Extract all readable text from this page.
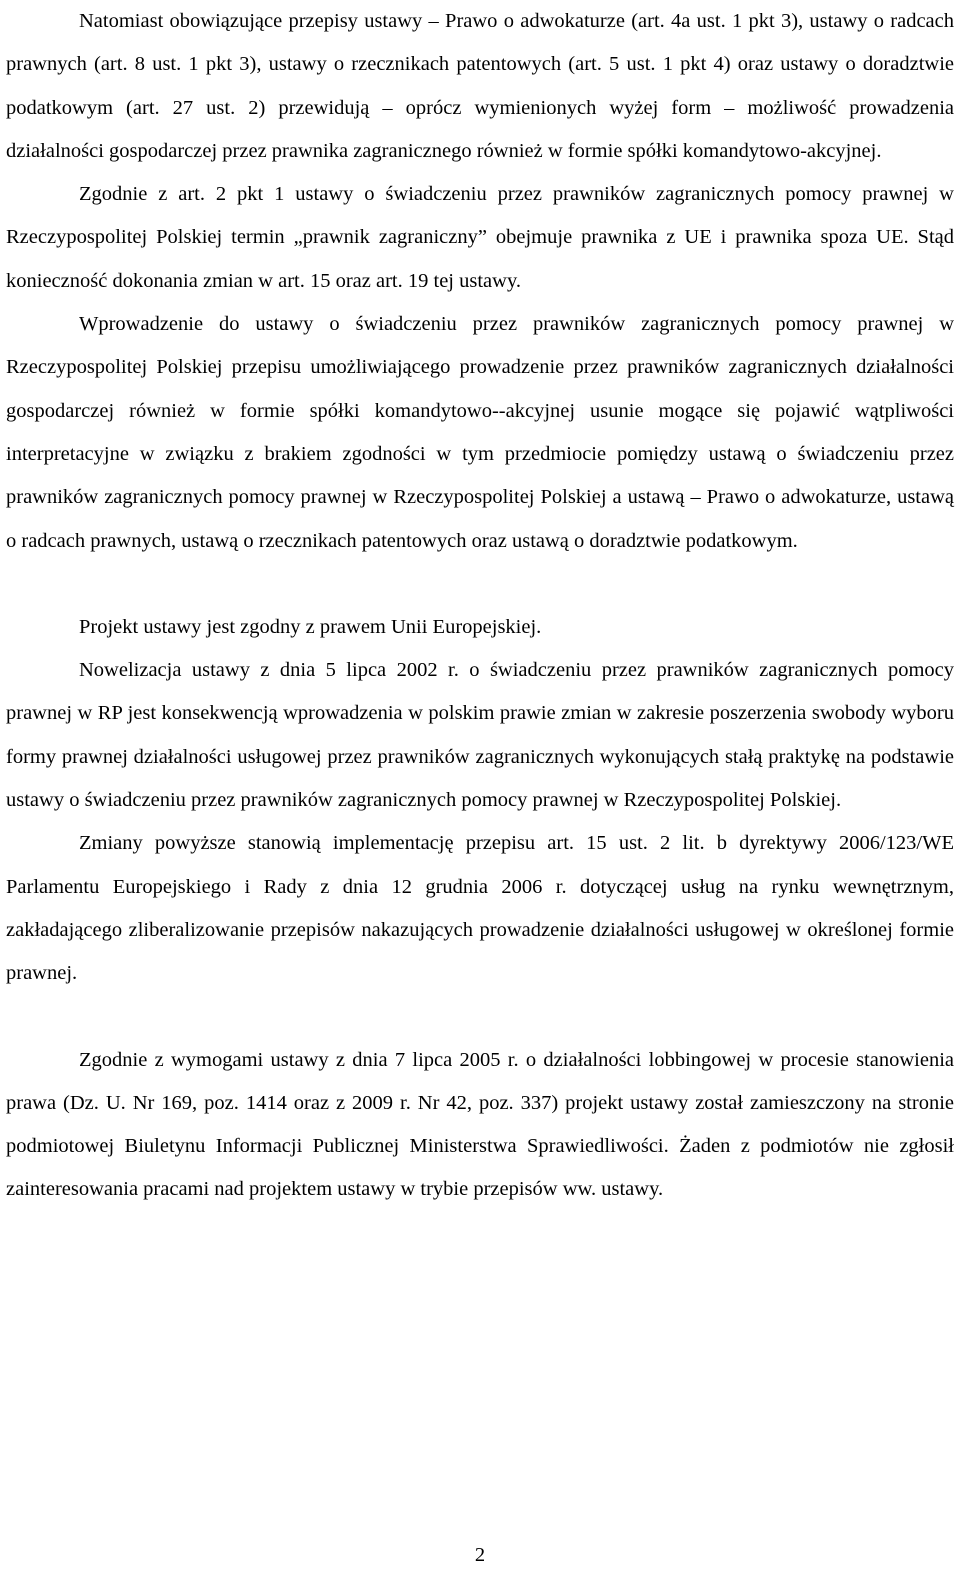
Natomiast obowiązujące przepisy ustawy – Prawo o adwokaturze (art. 4a ust. 1 pkt 3), ustawy o radcach prawnych (art. 8 ust. 1 pkt 3), ustawy o rzecznikach patentowych (art. 5 ust. 1 pkt 4) oraz ustawy o doradztwie podatkowym (art. 27 ust. 2) przewidują – oprócz wymienionych wyżej form – możliwość prowadzenia działalności gospodarczej przez prawnika zagranicznego również w formie spółki komandytowo-akcyjnej.

Zgodnie z art. 2 pkt 1 ustawy o świadczeniu przez prawników zagranicznych pomocy prawnej w Rzeczypospolitej Polskiej termin „prawnik zagraniczny” obejmuje prawnika z UE i prawnika spoza UE. Stąd konieczność dokonania zmian w art. 15 oraz art. 19 tej ustawy.

Wprowadzenie do ustawy o świadczeniu przez prawników zagranicznych pomocy prawnej w Rzeczypospolitej Polskiej przepisu umożliwiającego prowadzenie przez prawników zagranicznych działalności gospodarczej również w formie spółki komandytowo--akcyjnej usunie mogące się pojawić wątpliwości interpretacyjne w związku z brakiem zgodności w tym przedmiocie pomiędzy ustawą o świadczeniu przez prawników zagranicznych pomocy prawnej w Rzeczypospolitej Polskiej a ustawą – Prawo o adwokaturze, ustawą o radcach prawnych, ustawą o rzecznikach patentowych oraz ustawą o doradztwie podatkowym.

Projekt ustawy jest zgodny z prawem Unii Europejskiej.

Nowelizacja ustawy z dnia 5 lipca 2002 r. o świadczeniu przez prawników zagranicznych pomocy prawnej w RP jest konsekwencją wprowadzenia w polskim prawie zmian w zakresie poszerzenia swobody wyboru formy prawnej działalności usługowej przez prawników zagranicznych wykonujących stałą praktykę na podstawie ustawy o świadczeniu przez prawników zagranicznych pomocy prawnej w Rzeczypospolitej Polskiej.

Zmiany powyższe stanowią implementację przepisu art. 15 ust. 2 lit. b dyrektywy 2006/123/WE Parlamentu Europejskiego i Rady z dnia 12 grudnia 2006 r. dotyczącej usług na rynku wewnętrznym, zakładającego zliberalizowanie przepisów nakazujących prowadzenie działalności usługowej w określonej formie prawnej.

Zgodnie z wymogami ustawy z dnia 7 lipca 2005 r. o działalności lobbingowej w procesie stanowienia prawa (Dz. U. Nr 169, poz. 1414 oraz z 2009 r. Nr 42, poz. 337) projekt ustawy został zamieszczony na stronie podmiotowej Biuletynu Informacji Publicznej Ministerstwa Sprawiedliwości. Żaden z podmiotów nie zgłosił zainteresowania pracami nad projektem ustawy w trybie przepisów ww. ustawy.

2
